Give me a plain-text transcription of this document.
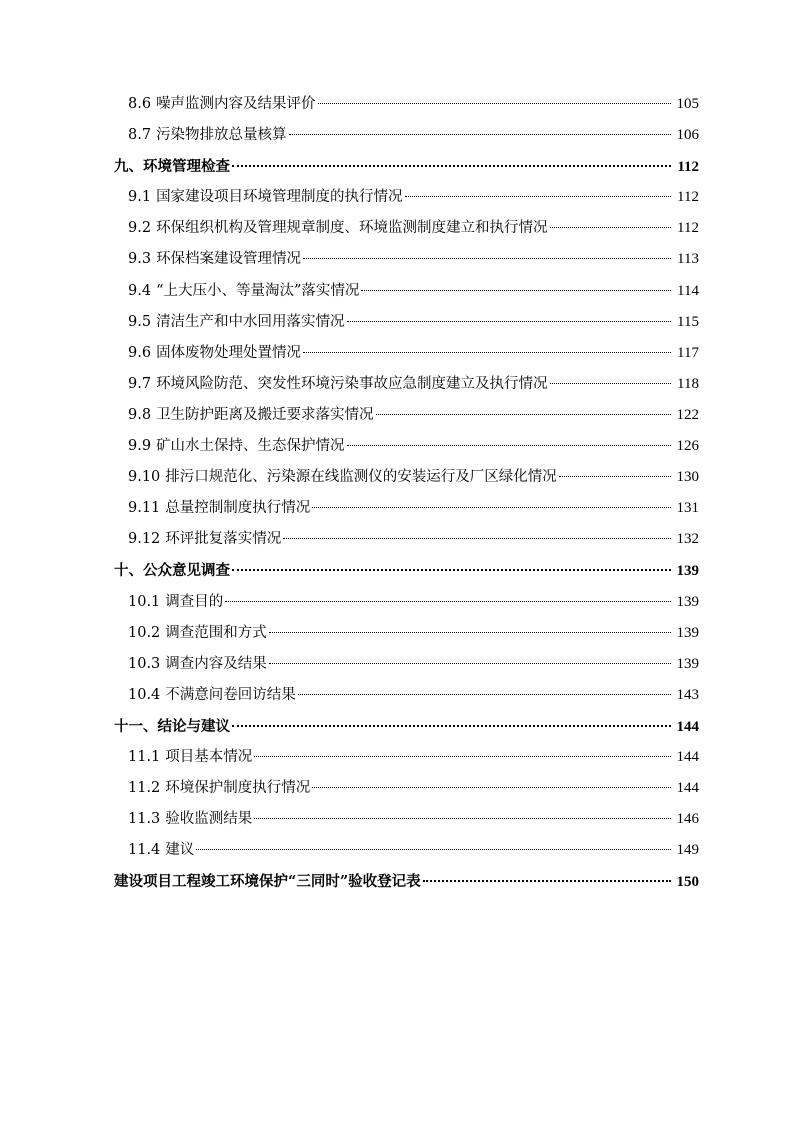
8.6 噪声监测内容及结果评价	105
8.7 污染物排放总量核算	106
九、环境管理检查	112
9.1 国家建设项目环境管理制度的执行情况	112
9.2 环保组织机构及管理规章制度、环境监测制度建立和执行情况	112
9.3 环保档案建设管理情况	113
9.4 “上大压小、等量淘汰”落实情况	114
9.5 清洁生产和中水回用落实情况	115
9.6 固体废物处理处置情况	117
9.7 环境风险防范、突发性环境污染事故应急制度建立及执行情况	118
9.8 卫生防护距离及搬迁要求落实情况	122
9.9 矿山水土保持、生态保护情况	126
9.10 排污口规范化、污染源在线监测仪的安装运行及厂区绿化情况	130
9.11 总量控制制度执行情况	131
9.12 环评批复落实情况	132
十、公众意见调查	139
10.1 调查目的	139
10.2 调查范围和方式	139
10.3 调查内容及结果	139
10.4 不满意问卷回访结果	143
十一、结论与建议	144
11.1 项目基本情况	144
11.2 环境保护制度执行情况	144
11.3 验收监测结果	146
11.4 建议	149
建设项目工程竣工环境保护“三同时”验收登记表	150
